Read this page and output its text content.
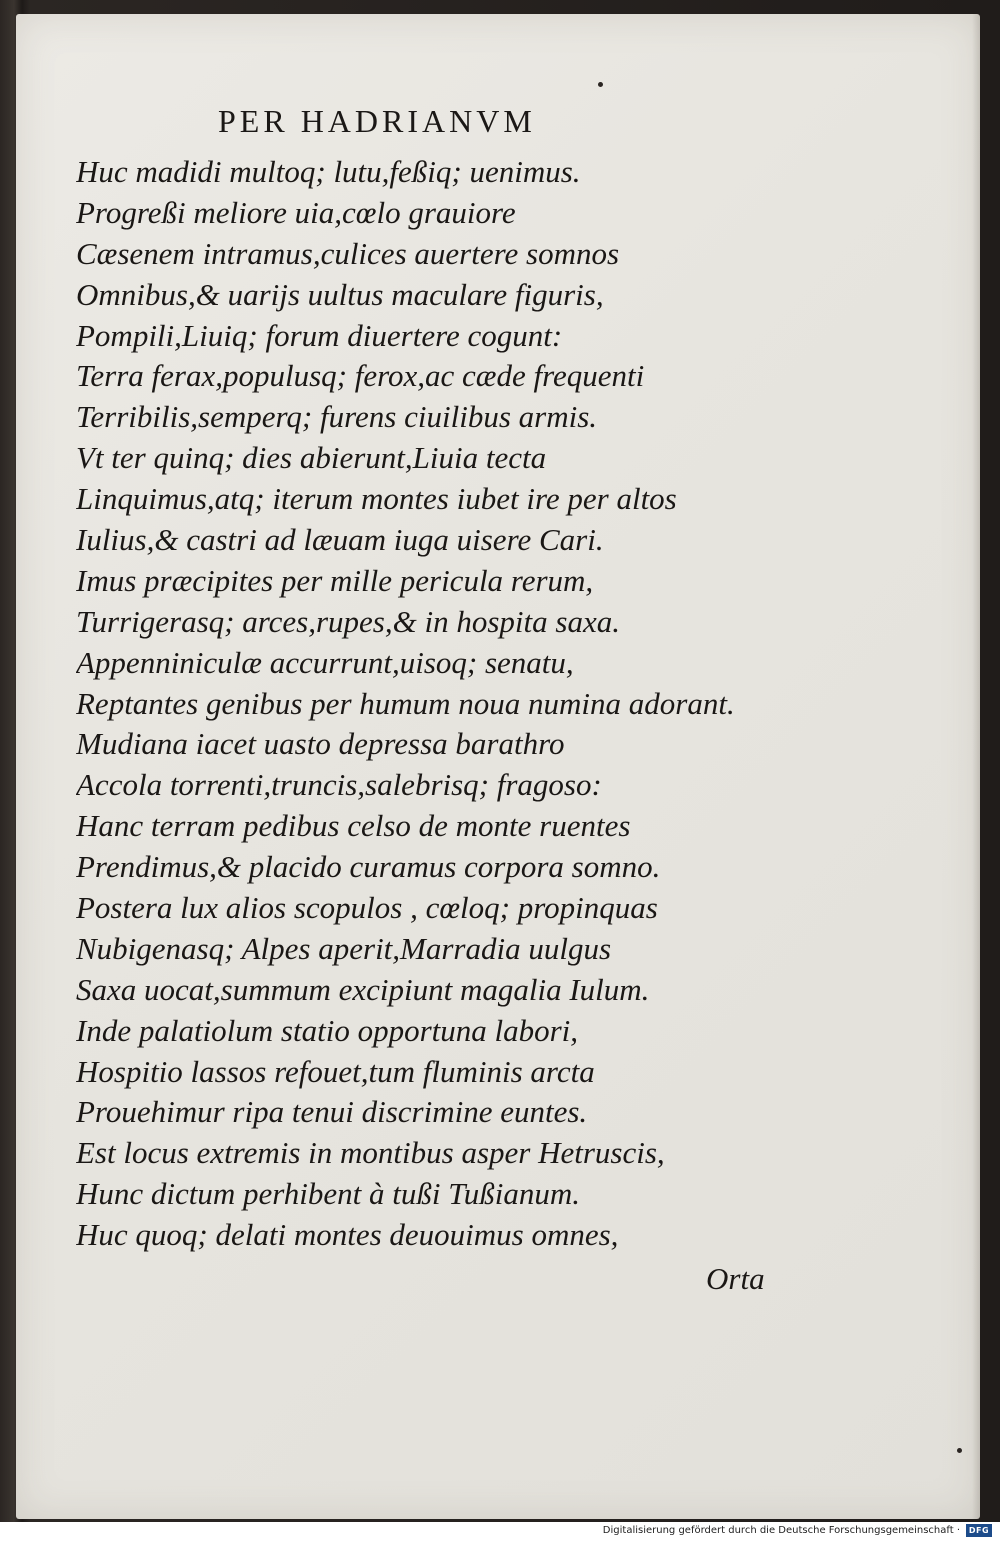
PER HADRIANVM
Huc madidi multoq; lutu,feßiq; uenimus.
Progreßi meliore uia,cœlo grauiore
Cæsenem intramus,culices auertere somnos
Omnibus,& uarijs uultus maculare figuris,
Pompili,Liuiq; forum diuertere cogunt:
Terra ferax,populusq; ferox,ac cæde frequenti
Terribilis,semperq; furens ciuilibus armis.
Vt ter quinq; dies abierunt,Liuia tecta
Linquimus,atq; iterum montes iubet ire per altos
Iulius,& castri ad læuam iuga uisere Cari.
Imus præcipites per mille pericula rerum,
Turrigerasq; arces,rupes,& in hospita saxa.
Appenniniculæ accurrunt,uisoq; senatu,
Reptantes genibus per humum noua numina adorant.
Mudiana iacet uasto depressa barathro
Accola torrenti,truncis,salebrisq; fragoso:
Hanc terram pedibus celso de monte ruentes
Prendimus,& placido curamus corpora somno.
Postera lux alios scopulos , cœloq; propinquas
Nubigenasq; Alpes aperit,Marradia uulgus
Saxa uocat,summum excipiunt magalia Iulum.
Inde palatiolum statio opportuna labori,
Hospitio lassos refouet,tum fluminis arcta
Prouehimur ripa tenui discrimine euntes.
Est locus extremis in montibus asper Hetruscis,
Hunc dictum perhibent à tußi Tußianum.
Huc quoq; delati montes deuouimus omnes,
Orta
Digitalisierung gefördert durch die Deutsche Forschungsgemeinschaft ·	DFG
